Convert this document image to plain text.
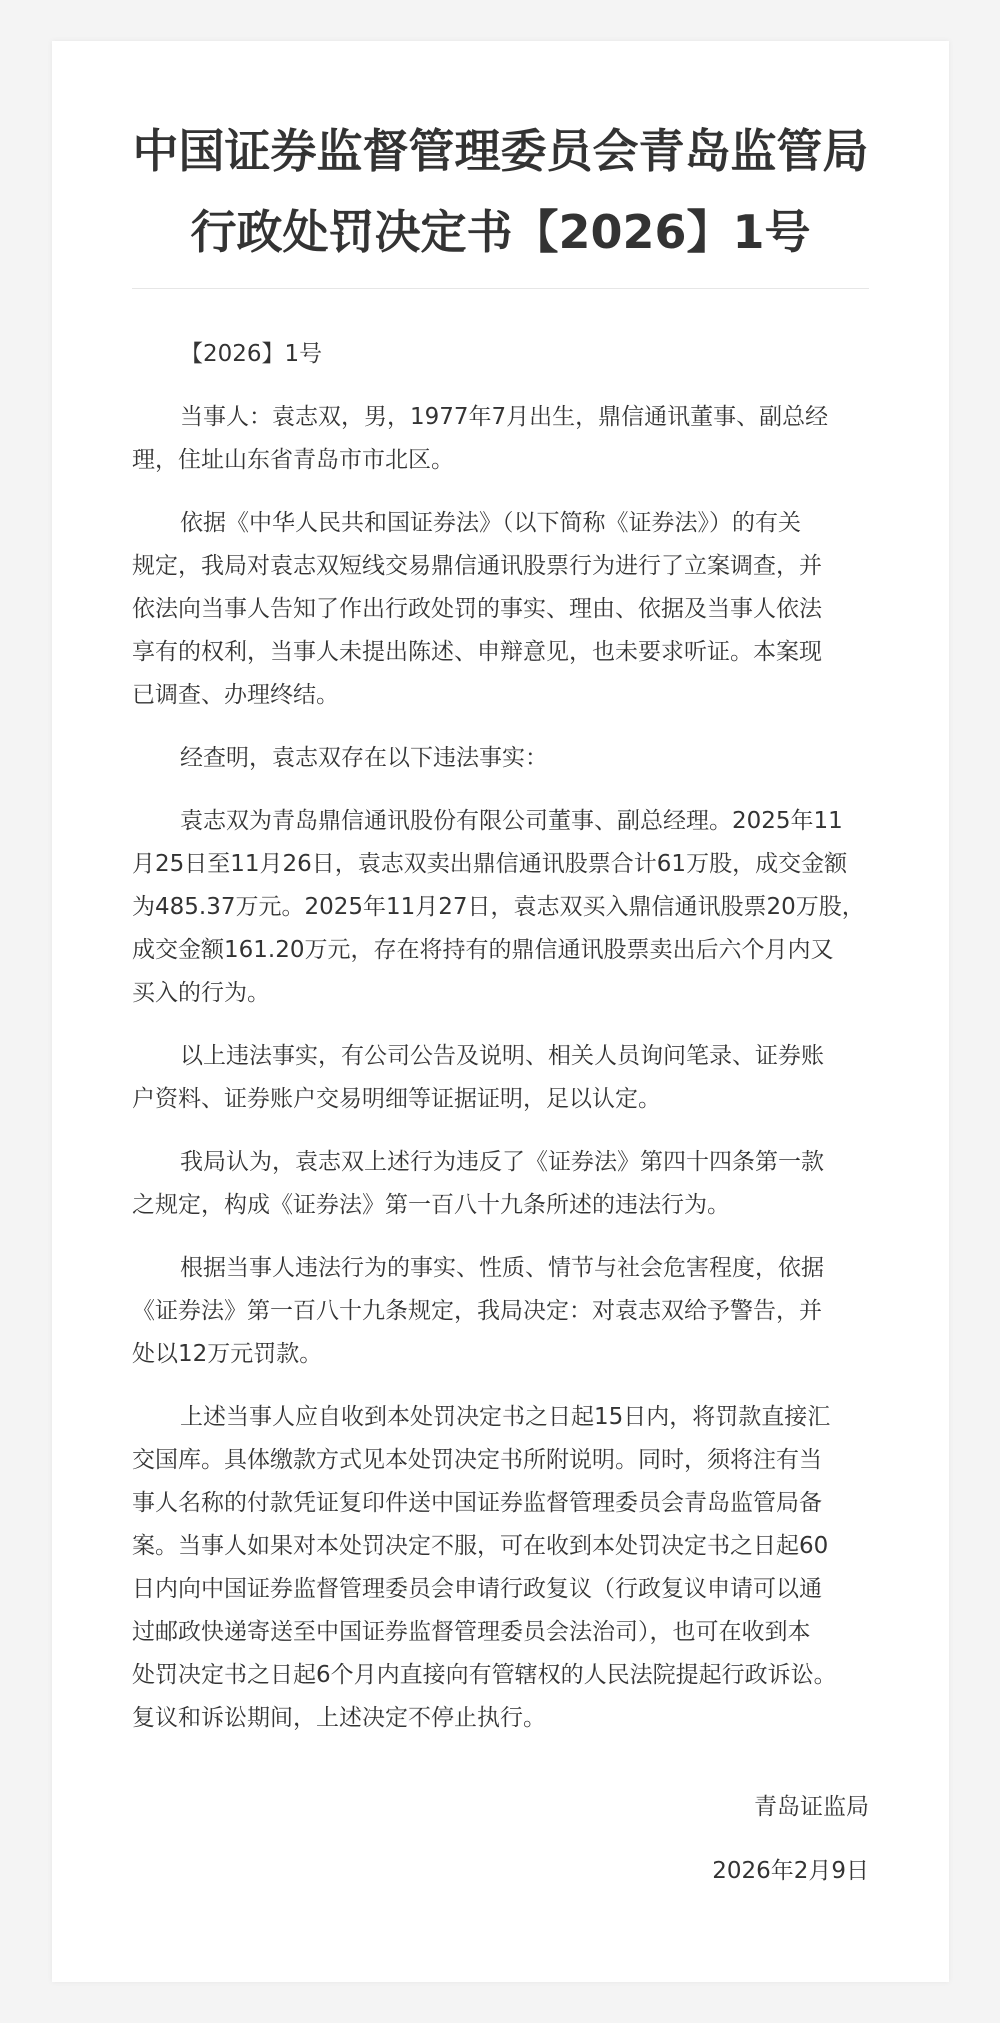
中国证券监督管理委员会青岛监管局
行政处罚决定书【2026】1号

【2026】1号

当事人：袁志双，男，1977年7月出生，鼎信通讯董事、副总经
理，住址山东省青岛市市北区。

依据《中华人民共和国证券法》（以下简称《证券法》）的有关
规定，我局对袁志双短线交易鼎信通讯股票行为进行了立案调查，并
依法向当事人告知了作出行政处罚的事实、理由、依据及当事人依法
享有的权利，当事人未提出陈述、申辩意见，也未要求听证。本案现
已调查、办理终结。

经查明，袁志双存在以下违法事实：

袁志双为青岛鼎信通讯股份有限公司董事、副总经理。2025年11
月25日至11月26日，袁志双卖出鼎信通讯股票合计61万股，成交金额
为485.37万元。2025年11月27日，袁志双买入鼎信通讯股票20万股，
成交金额161.20万元，存在将持有的鼎信通讯股票卖出后六个月内又
买入的行为。

以上违法事实，有公司公告及说明、相关人员询问笔录、证券账
户资料、证券账户交易明细等证据证明，足以认定。

我局认为，袁志双上述行为违反了《证券法》第四十四条第一款
之规定，构成《证券法》第一百八十九条所述的违法行为。

根据当事人违法行为的事实、性质、情节与社会危害程度，依据
《证券法》第一百八十九条规定，我局决定：对袁志双给予警告，并
处以12万元罚款。

上述当事人应自收到本处罚决定书之日起15日内，将罚款直接汇
交国库。具体缴款方式见本处罚决定书所附说明。同时，须将注有当
事人名称的付款凭证复印件送中国证券监督管理委员会青岛监管局备
案。当事人如果对本处罚决定不服，可在收到本处罚决定书之日起60
日内向中国证券监督管理委员会申请行政复议（行政复议申请可以通
过邮政快递寄送至中国证券监督管理委员会法治司），也可在收到本
处罚决定书之日起6个月内直接向有管辖权的人民法院提起行政诉讼。
复议和诉讼期间，上述决定不停止执行。

青岛证监局
2026年2月9日
